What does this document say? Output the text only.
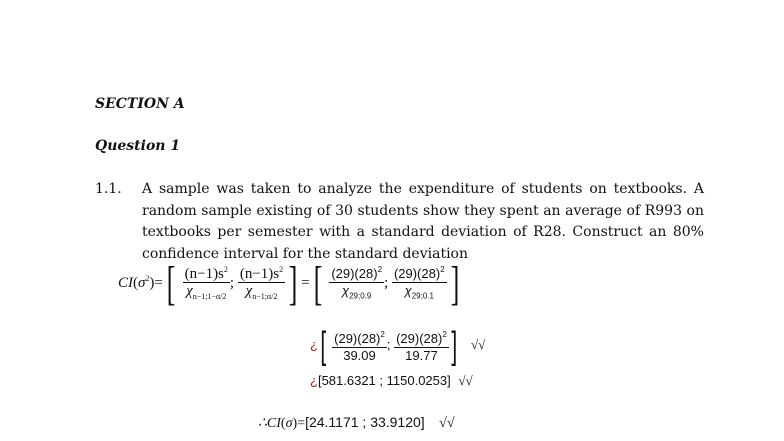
SECTION A
Question 1
1.1. A sample was taken to analyze the expenditure of students on textbooks. A random sample existing of 30 students show they spent an average of R993 on textbooks per semester with a standard deviation of R28. Construct an 80% confidence interval for the standard deviation
$CI(\sigma^2)=[ \frac{(n-1)s^2}{\chi_{n-1;1-\alpha/2}}$ ; $\frac{(n-1)s^2}{\chi_{n-1;\alpha/2}}$ ] =[ $\frac{(29)(28)^2}{\chi_{29;0.9}}$ ; $\frac{(29)(28)^2}{\chi_{29;0.1}}$ ]
¿[ $\frac{(29)(28)^2}{39.09}$ ; $\frac{(29)(28)^2}{19.77}$ ] √√
¿[581.6321 ; 1150.0253] √√
∴CI(σ)=[24.1171 ; 33.9120] √√
